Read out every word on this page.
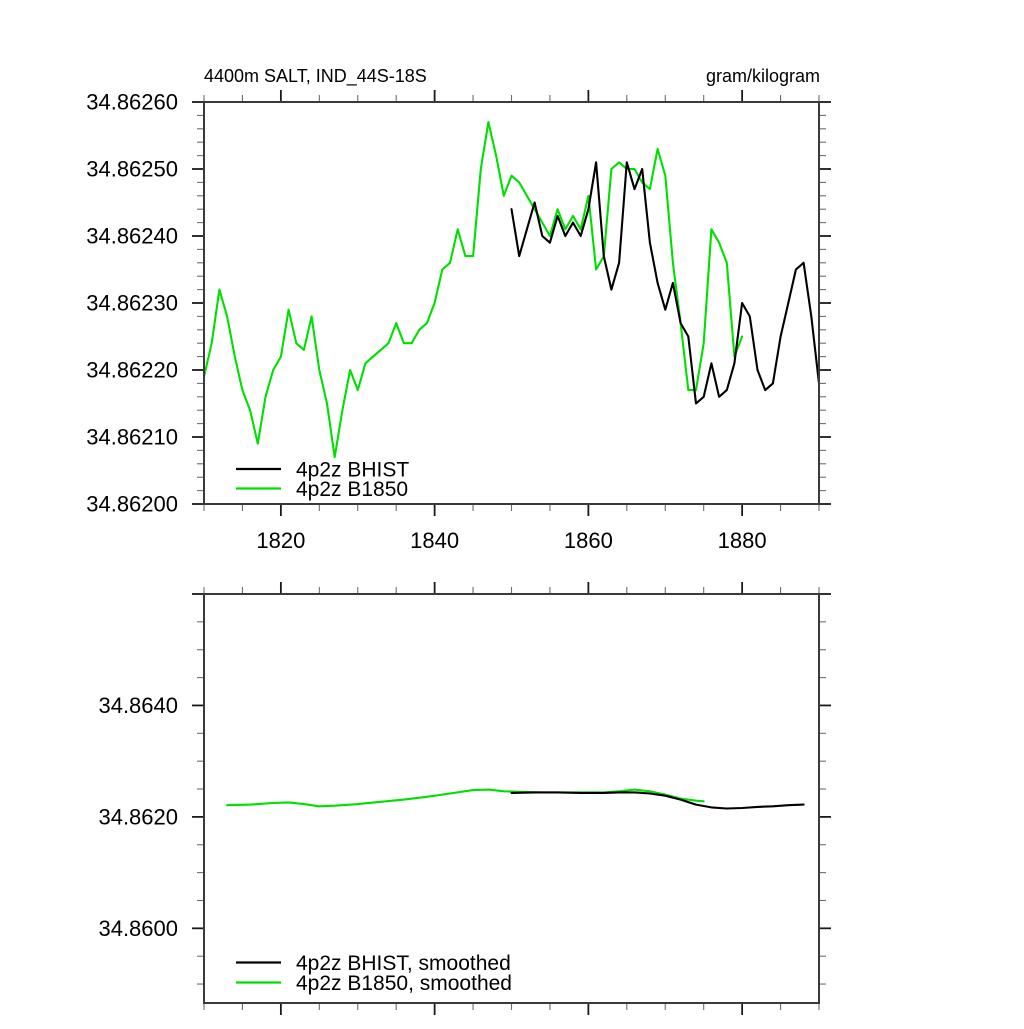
4400m SALT, IND_44S-18S	gram/kilogram
1820	1840	1860	1880
34.86200
34.86210
34.86220
34.86230
34.86240
34.86250
34.86260
4p2z BHIST
4p2z B1850
34.8600
34.8620
34.8640
4p2z BHIST, smoothed
4p2z B1850, smoothed
